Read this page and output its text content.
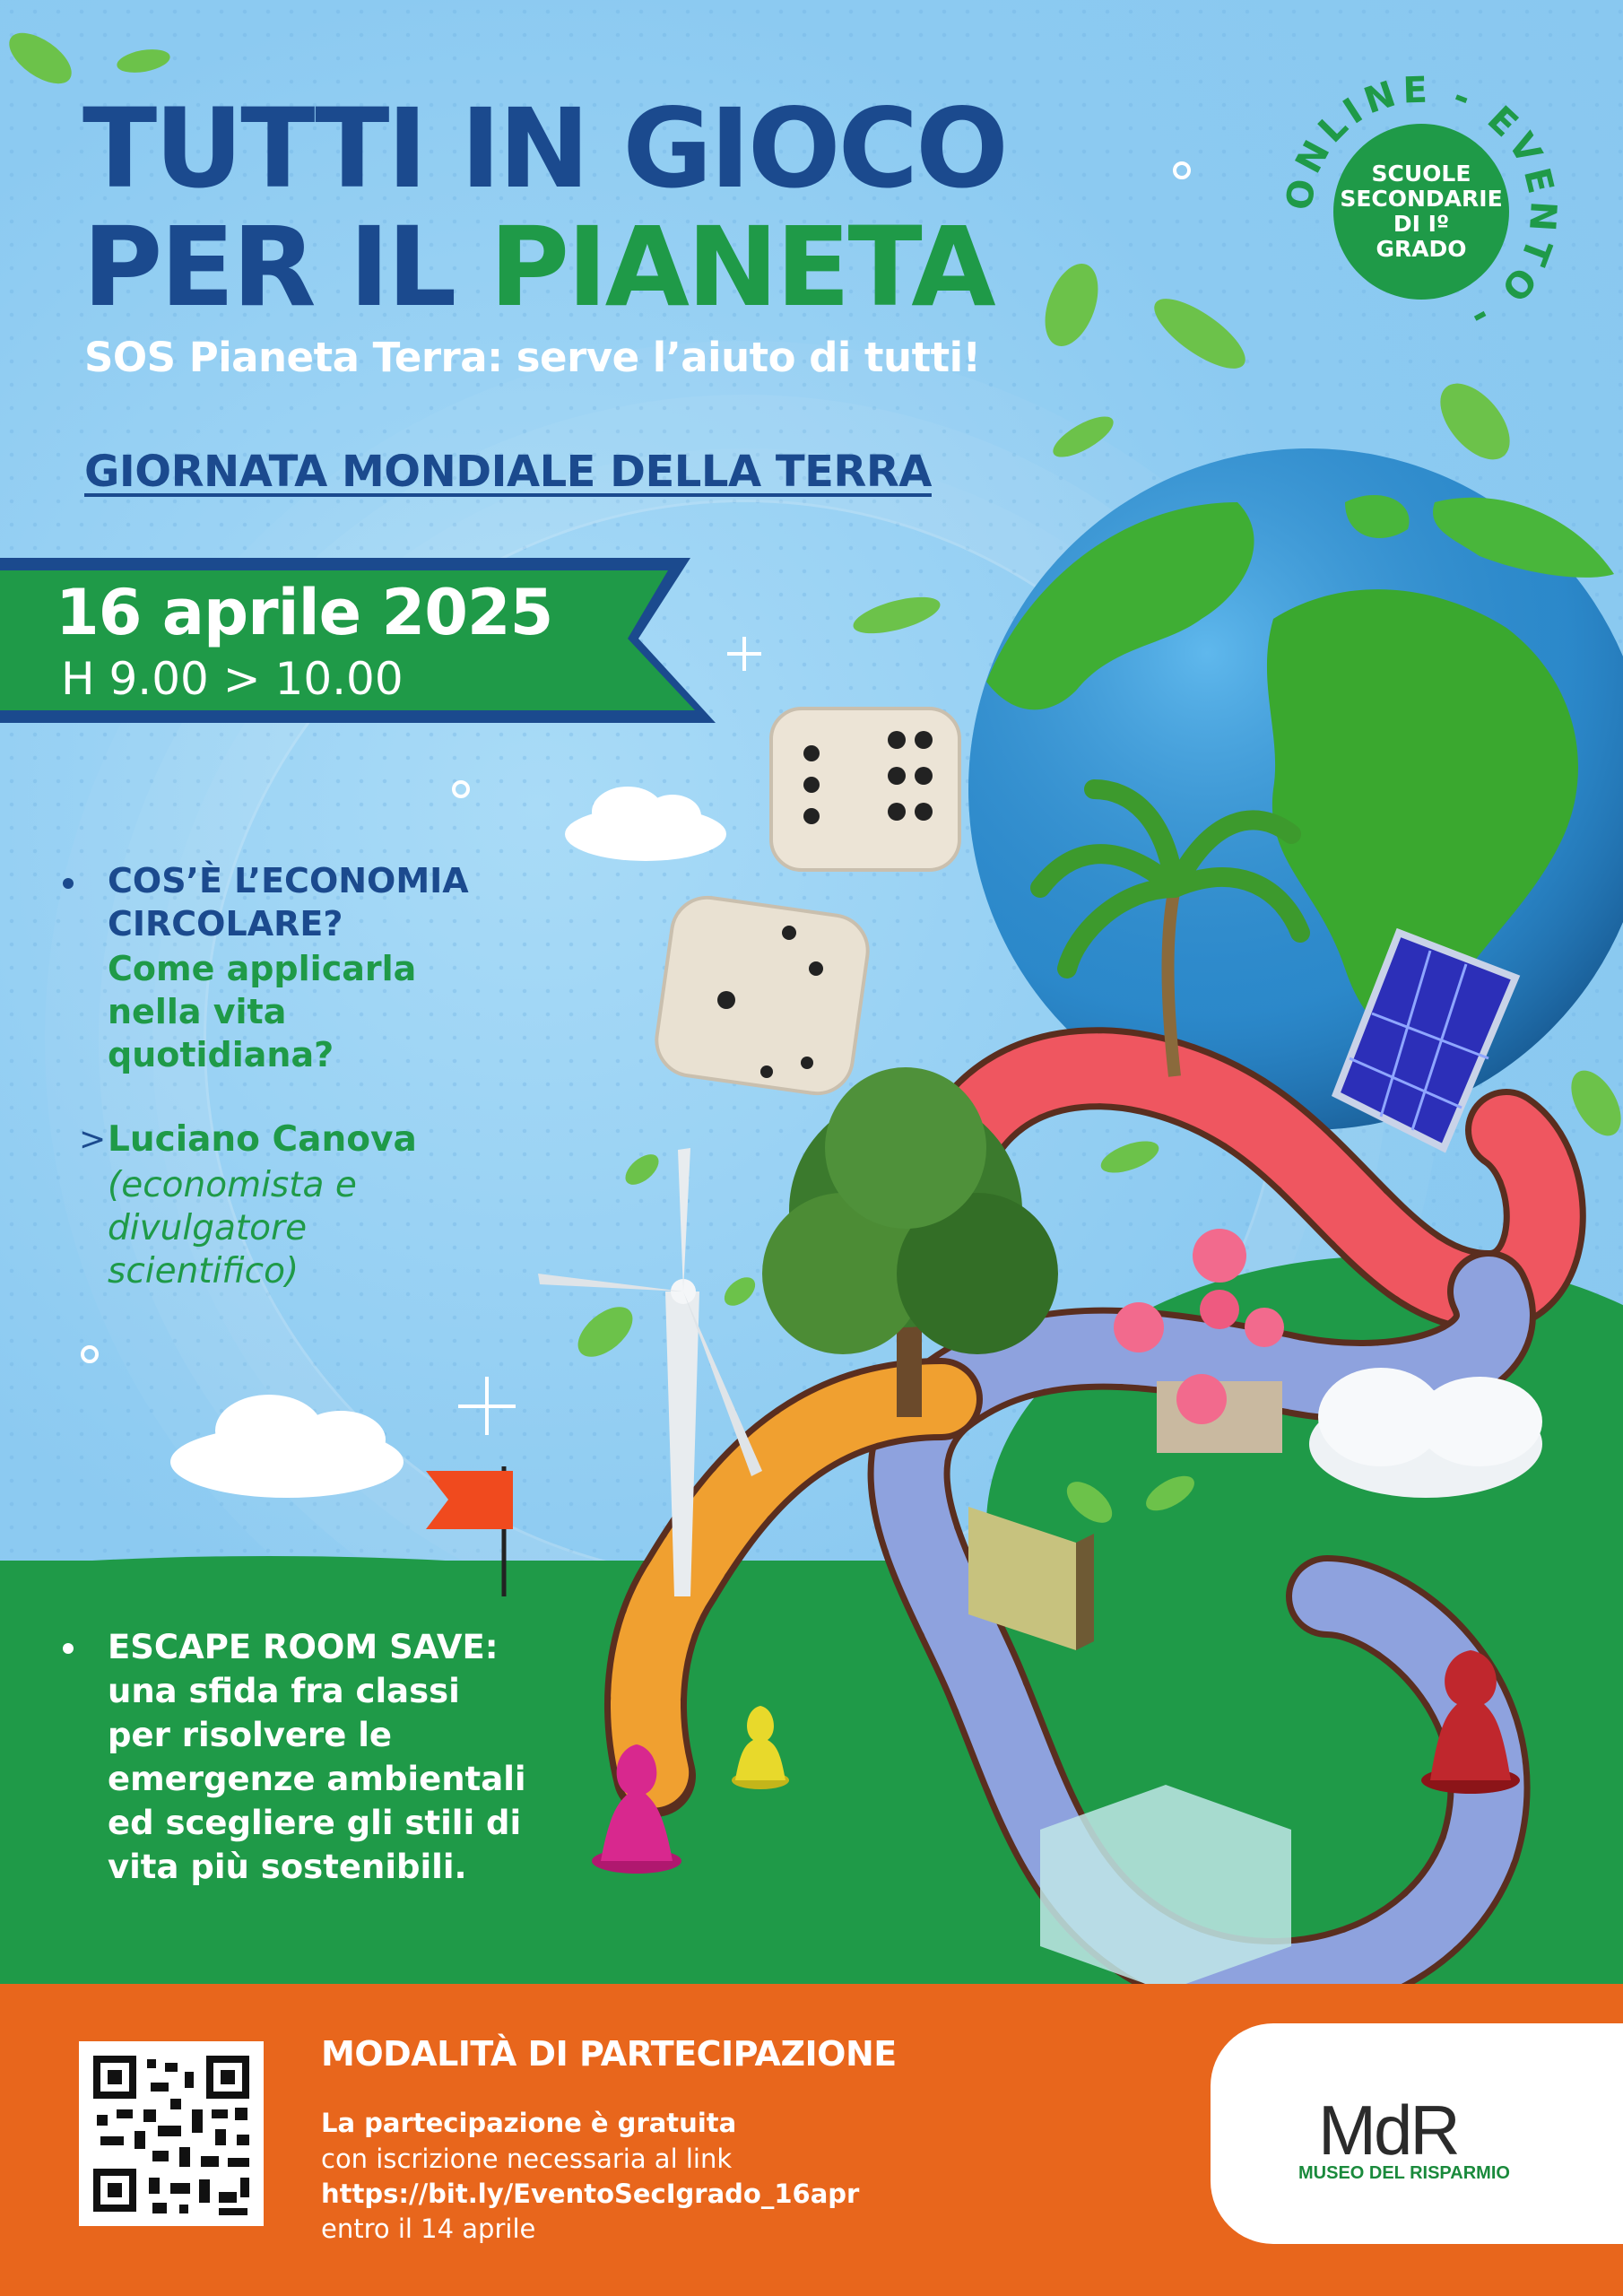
ONLINE - EVENTO -
TUTTI IN GIOCO
PER IL PIANETA
SOS Pianeta Terra: serve l’aiuto di tutti!
GIORNATA MONDIALE DELLA TERRA
SCUOLE
SECONDARIE
DI Iº
GRADO
16 aprile 2025
H 9.00 > 10.00
COS’È L’ECONOMIA CIRCOLARE?
Come applicarla nella vita quotidiana?
> Luciano Canova
(economista e divulgatore scientifico)
ESCAPE ROOM SAVE: una sfida fra classi per risolvere le emergenze ambientali ed scegliere gli stili di vita più sostenibili.
MODALITÀ DI PARTECIPAZIONE
La partecipazione è gratuita
con iscrizione necessaria al link
https://bit.ly/EventoSecIgrado_16apr
entro il 14 aprile
MdR
MUSEO DEL RISPARMIO
